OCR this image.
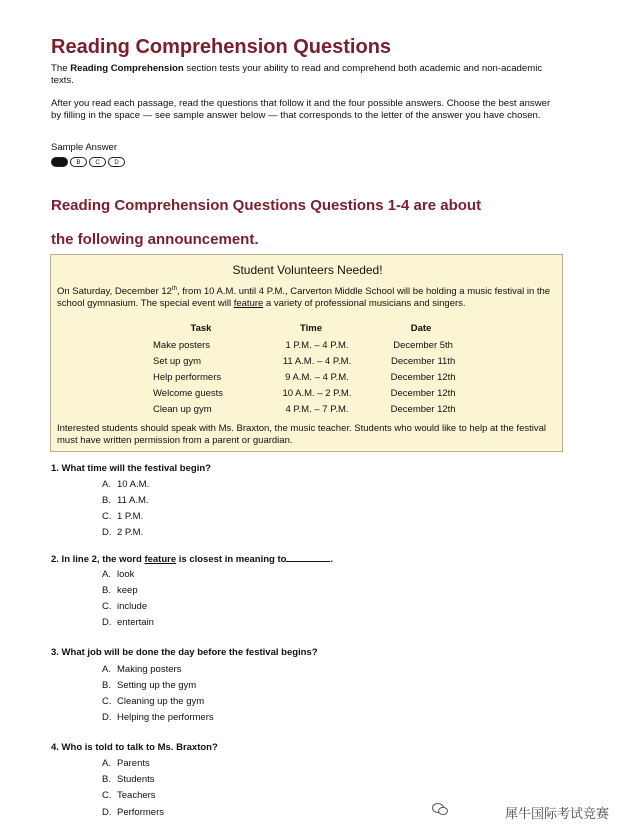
Reading Comprehension Questions

The Reading Comprehension section tests your ability to read and comprehend both academic and non-academic texts.

After you read each passage, read the questions that follow it and the four possible answers. Choose the best answer by filling in the space — see sample answer below — that corresponds to the letter of the answer you have chosen.

Sample Answer
B	C	D
Reading Comprehension Questions Questions 1-4 are about
the following announcement.
Student Volunteers Needed!
On Saturday, December 12th, from 10 A.M. until 4 P.M., Carverton Middle School will be holding a music festival in the school gymnasium. The special event will feature a variety of professional musicians and singers.
Task	Time	Date
Make posters	1 P.M. – 4 P.M.	December 5th
Set up gym	11 A.M. – 4 P.M.	December 11th
Help performers	9 A.M. – 4 P.M.	December 12th
Welcome guests	10 A.M. – 2 P.M.	December 12th
Clean up gym	4 P.M. – 7 P.M.	December 12th
Interested students should speak with Ms. Braxton, the music teacher. Students who would like to help at the festival must have written permission from a parent or guardian.
1. What time will the festival begin?
A. 10 A.M.
B. 11 A.M.
C. 1 P.M.
D. 2 P.M.
2. In line 2, the word feature is closest in meaning to	.
A. look
B. keep
C. include
D. entertain
3. What job will be done the day before the festival begins?
A. Making posters
B. Setting up the gym
C. Cleaning up the gym
D. Helping the performers
4. Who is told to talk to Ms. Braxton?
A. Parents
B. Students
C. Teachers
D. Performers	犀牛国际考试竞赛
